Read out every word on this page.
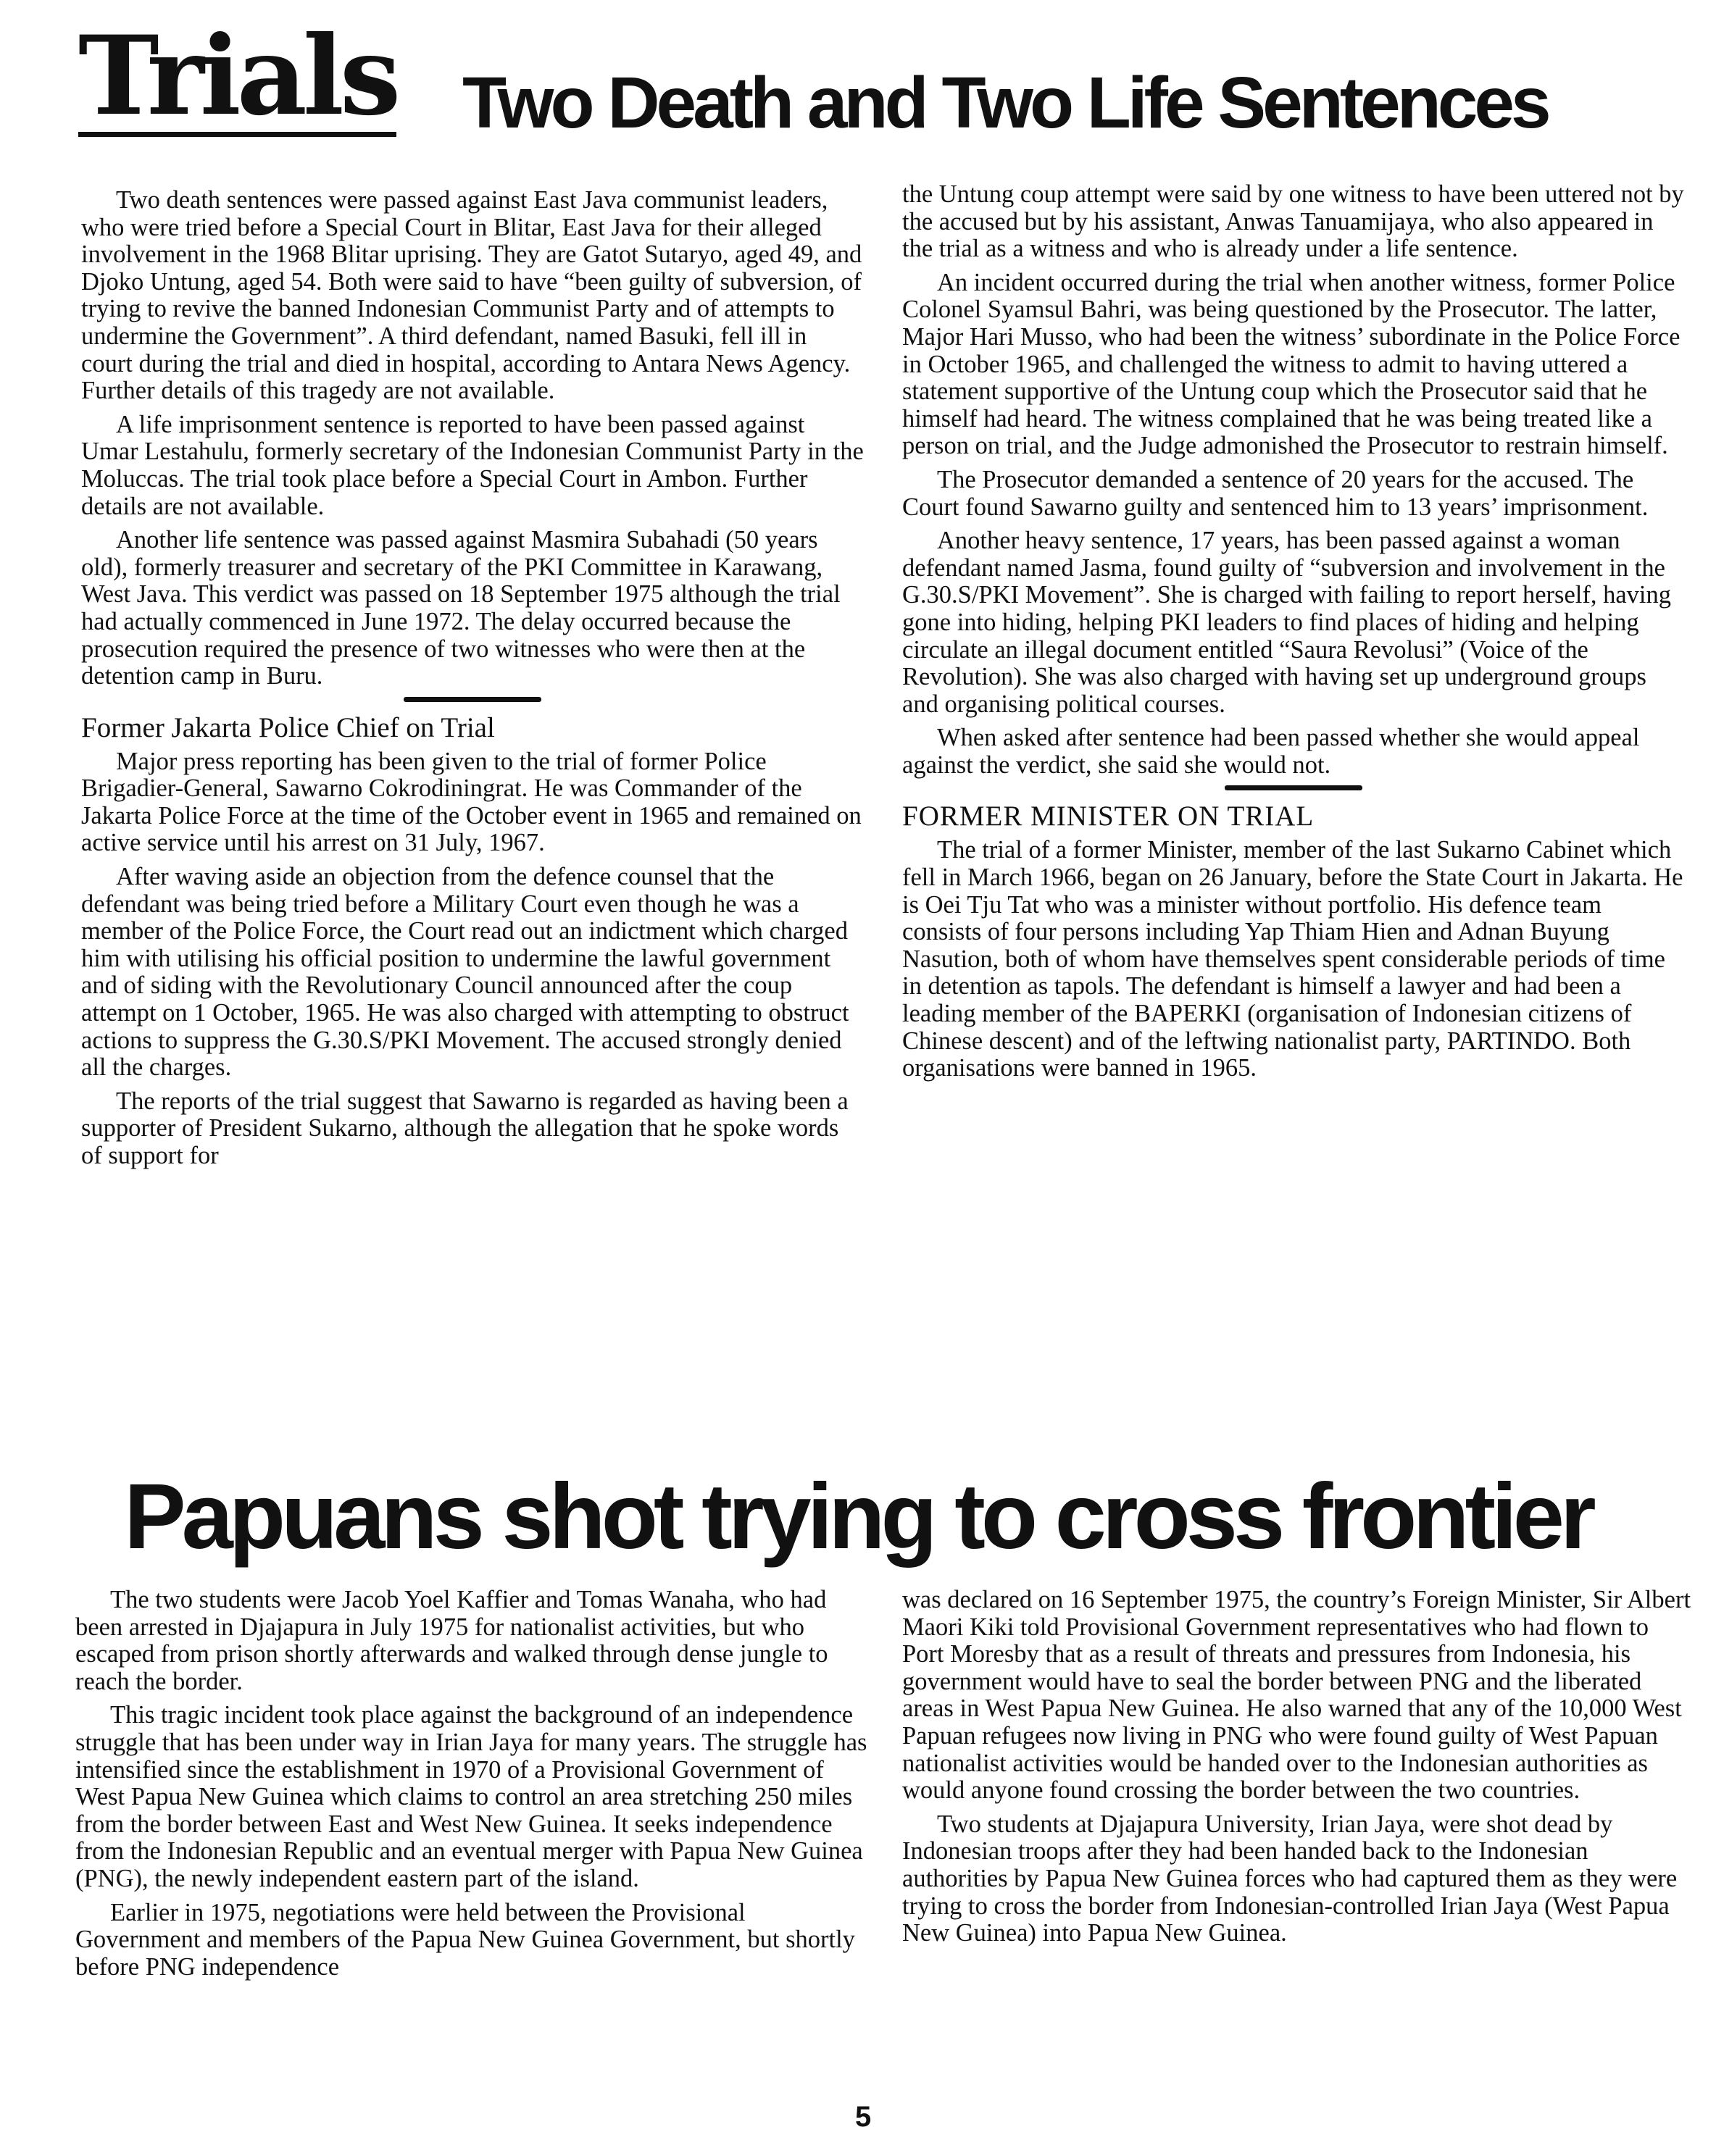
Trials Two Death and Two Life Sentences

Two death sentences were passed against East Java communist leaders, who were tried before a Special Court in Blitar, East Java for their alleged involvement in the 1968 Blitar uprising. They are Gatot Sutaryo, aged 49, and Djoko Untung, aged 54. Both were said to have “been guilty of subversion, of trying to revive the banned Indonesian Communist Party and of attempts to undermine the Government”. A third defendant, named Basuki, fell ill in court during the trial and died in hospital, according to Antara News Agency. Further details of this tragedy are not available.

A life imprisonment sentence is reported to have been passed against Umar Lestahulu, formerly secretary of the Indonesian Communist Party in the Moluccas. The trial took place before a Special Court in Ambon. Further details are not available.

Another life sentence was passed against Masmira Subahadi (50 years old), formerly treasurer and secretary of the PKI Committee in Karawang, West Java. This verdict was passed on 18 September 1975 although the trial had actually commenced in June 1972. The delay occurred because the prosecution required the presence of two witnesses who were then at the detention camp in Buru.

Former Jakarta Police Chief on Trial

Major press reporting has been given to the trial of former Police Brigadier-General, Sawarno Cokrodiningrat. He was Commander of the Jakarta Police Force at the time of the October event in 1965 and remained on active service until his arrest on 31 July, 1967.

After waving aside an objection from the defence counsel that the defendant was being tried before a Military Court even though he was a member of the Police Force, the Court read out an indictment which charged him with utilising his official position to undermine the lawful government and of siding with the Revolutionary Council announced after the coup attempt on 1 October, 1965. He was also charged with attempting to obstruct actions to suppress the G.30.S/PKI Movement. The accused strongly denied all the charges.

The reports of the trial suggest that Sawarno is regarded as having been a supporter of President Sukarno, although the allegation that he spoke words of support for

the Untung coup attempt were said by one witness to have been uttered not by the accused but by his assistant, Anwas Tanuamijaya, who also appeared in the trial as a witness and who is already under a life sentence.

An incident occurred during the trial when another witness, former Police Colonel Syamsul Bahri, was being questioned by the Prosecutor. The latter, Major Hari Musso, who had been the witness’ subordinate in the Police Force in October 1965, and challenged the witness to admit to having uttered a statement supportive of the Untung coup which the Prosecutor said that he himself had heard. The witness complained that he was being treated like a person on trial, and the Judge admonished the Prosecutor to restrain himself.

The Prosecutor demanded a sentence of 20 years for the accused. The Court found Sawarno guilty and sentenced him to 13 years’ imprisonment.

Another heavy sentence, 17 years, has been passed against a woman defendant named Jasma, found guilty of “subversion and involvement in the G.30.S/PKI Movement”. She is charged with failing to report herself, having gone into hiding, helping PKI leaders to find places of hiding and helping circulate an illegal document entitled “Saura Revolusi” (Voice of the Revolution). She was also charged with having set up underground groups and organising political courses.

When asked after sentence had been passed whether she would appeal against the verdict, she said she would not.

FORMER MINISTER ON TRIAL

The trial of a former Minister, member of the last Sukarno Cabinet which fell in March 1966, began on 26 January, before the State Court in Jakarta. He is Oei Tju Tat who was a minister without portfolio. His defence team consists of four persons including Yap Thiam Hien and Adnan Buyung Nasution, both of whom have themselves spent considerable periods of time in detention as tapols. The defendant is himself a lawyer and had been a leading member of the BAPERKI (organisation of Indonesian citizens of Chinese descent) and of the leftwing nationalist party, PARTINDO. Both organisations were banned in 1965.

Papuans shot trying to cross frontier

The two students were Jacob Yoel Kaffier and Tomas Wanaha, who had been arrested in Djajapura in July 1975 for nationalist activities, but who escaped from prison shortly afterwards and walked through dense jungle to reach the border.

This tragic incident took place against the background of an independence struggle that has been under way in Irian Jaya for many years. The struggle has intensified since the establishment in 1970 of a Provisional Government of West Papua New Guinea which claims to control an area stretching 250 miles from the border between East and West New Guinea. It seeks independence from the Indonesian Republic and an eventual merger with Papua New Guinea (PNG), the newly independent eastern part of the island.

Earlier in 1975, negotiations were held between the Provisional Government and members of the Papua New Guinea Government, but shortly before PNG independence

was declared on 16 September 1975, the country’s Foreign Minister, Sir Albert Maori Kiki told Provisional Government representatives who had flown to Port Moresby that as a result of threats and pressures from Indonesia, his government would have to seal the border between PNG and the liberated areas in West Papua New Guinea. He also warned that any of the 10,000 West Papuan refugees now living in PNG who were found guilty of West Papuan nationalist activities would be handed over to the Indonesian authorities as would anyone found crossing the border between the two countries.

Two students at Djajapura University, Irian Jaya, were shot dead by Indonesian troops after they had been handed back to the Indonesian authorities by Papua New Guinea forces who had captured them as they were trying to cross the border from Indonesian-controlled Irian Jaya (West Papua New Guinea) into Papua New Guinea.

5
